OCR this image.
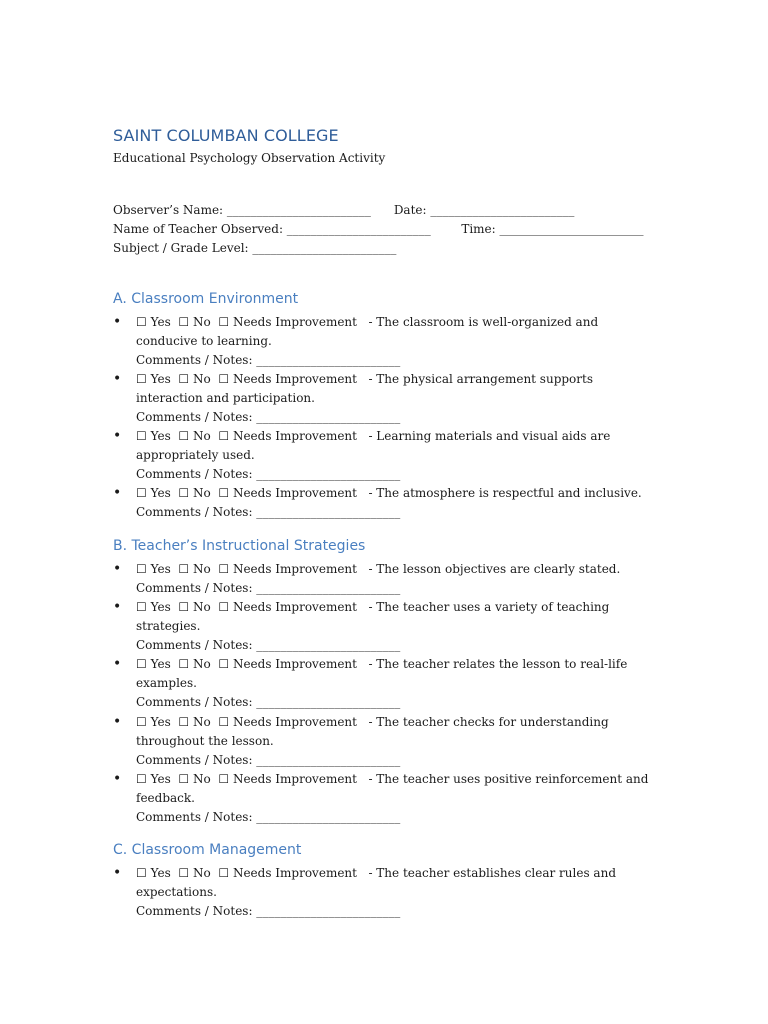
SAINT COLUMBAN COLLEGE
Educational Psychology Observation Activity
Observer’s Name: ________________________ Date: ________________________
Name of Teacher Observed: ________________________	Time: ________________________
Subject / Grade Level: ________________________
A. Classroom Environment
• ☐ Yes ☐ No ☐ Needs Improvement - The classroom is well-organized and conducive to learning.
Comments / Notes: ________________________
• ☐ Yes ☐ No ☐ Needs Improvement - The physical arrangement supports interaction and participation.
Comments / Notes: ________________________
• ☐ Yes ☐ No ☐ Needs Improvement - Learning materials and visual aids are appropriately used.
Comments / Notes: ________________________
• ☐ Yes ☐ No ☐ Needs Improvement - The atmosphere is respectful and inclusive.
Comments / Notes: ________________________
B. Teacher’s Instructional Strategies
• ☐ Yes ☐ No ☐ Needs Improvement - The lesson objectives are clearly stated.
Comments / Notes: ________________________
• ☐ Yes ☐ No ☐ Needs Improvement - The teacher uses a variety of teaching strategies.
Comments / Notes: ________________________
• ☐ Yes ☐ No ☐ Needs Improvement - The teacher relates the lesson to real-life examples.
Comments / Notes: ________________________
• ☐ Yes ☐ No ☐ Needs Improvement - The teacher checks for understanding throughout the lesson.
Comments / Notes: ________________________
• ☐ Yes ☐ No ☐ Needs Improvement - The teacher uses positive reinforcement and feedback.
Comments / Notes: ________________________
C. Classroom Management
• ☐ Yes ☐ No ☐ Needs Improvement - The teacher establishes clear rules and expectations.
Comments / Notes: ________________________
